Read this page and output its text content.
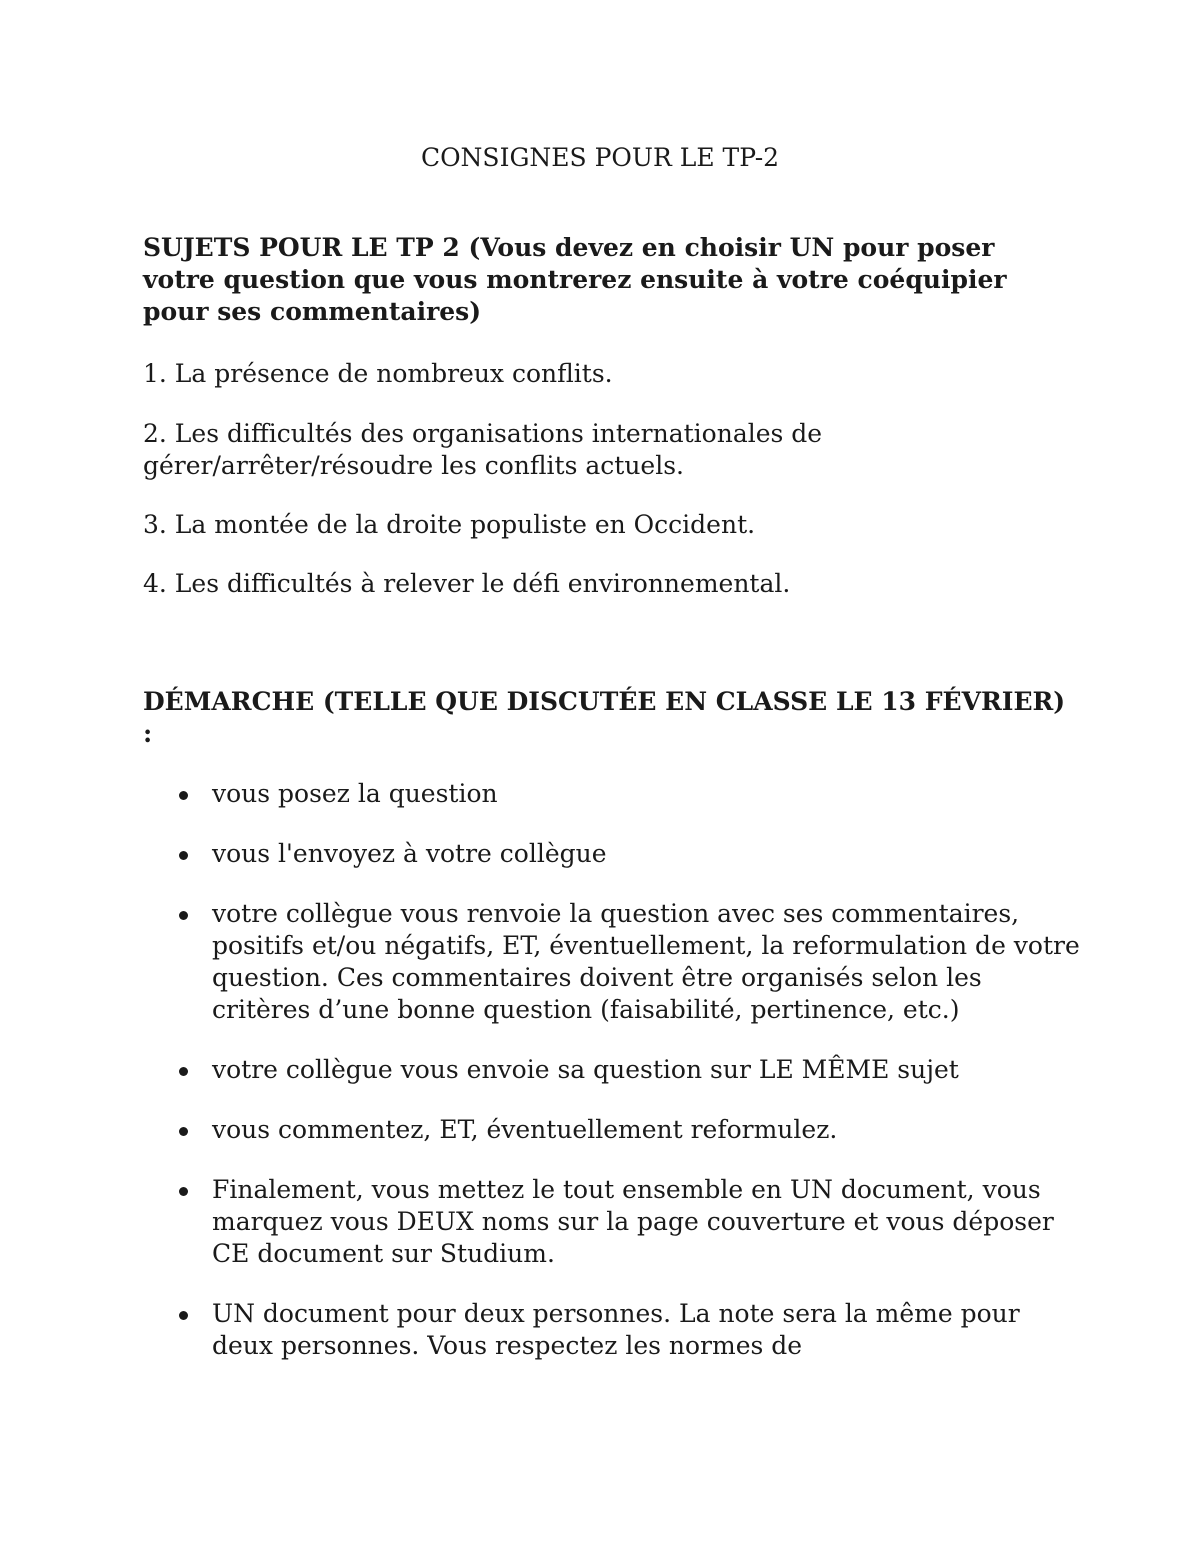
CONSIGNES POUR LE TP-2

SUJETS POUR LE TP 2 (Vous devez en choisir UN pour poser votre question que vous montrerez ensuite à votre coéquipier pour ses commentaires)

1. La présence de nombreux conflits.

2. Les difficultés des organisations internationales de gérer/arrêter/résoudre les conflits actuels.

3. La montée de la droite populiste en Occident.

4. Les difficultés à relever le défi environnemental.

DÉMARCHE (TELLE QUE DISCUTÉE EN CLASSE LE 13 FÉVRIER) :

vous posez la question
vous l'envoyez à votre collègue
votre collègue vous renvoie la question avec ses commentaires, positifs et/ou négatifs, ET, éventuellement, la reformulation de votre question. Ces commentaires doivent être organisés selon les critères d’une bonne question (faisabilité, pertinence, etc.)
votre collègue vous envoie sa question sur LE MÊME sujet
vous commentez, ET, éventuellement reformulez.
Finalement, vous mettez le tout ensemble en UN document, vous marquez vous DEUX noms sur la page couverture et vous déposer CE document sur Studium.
UN document pour deux personnes. La note sera la même pour deux personnes. Vous respectez les normes de
